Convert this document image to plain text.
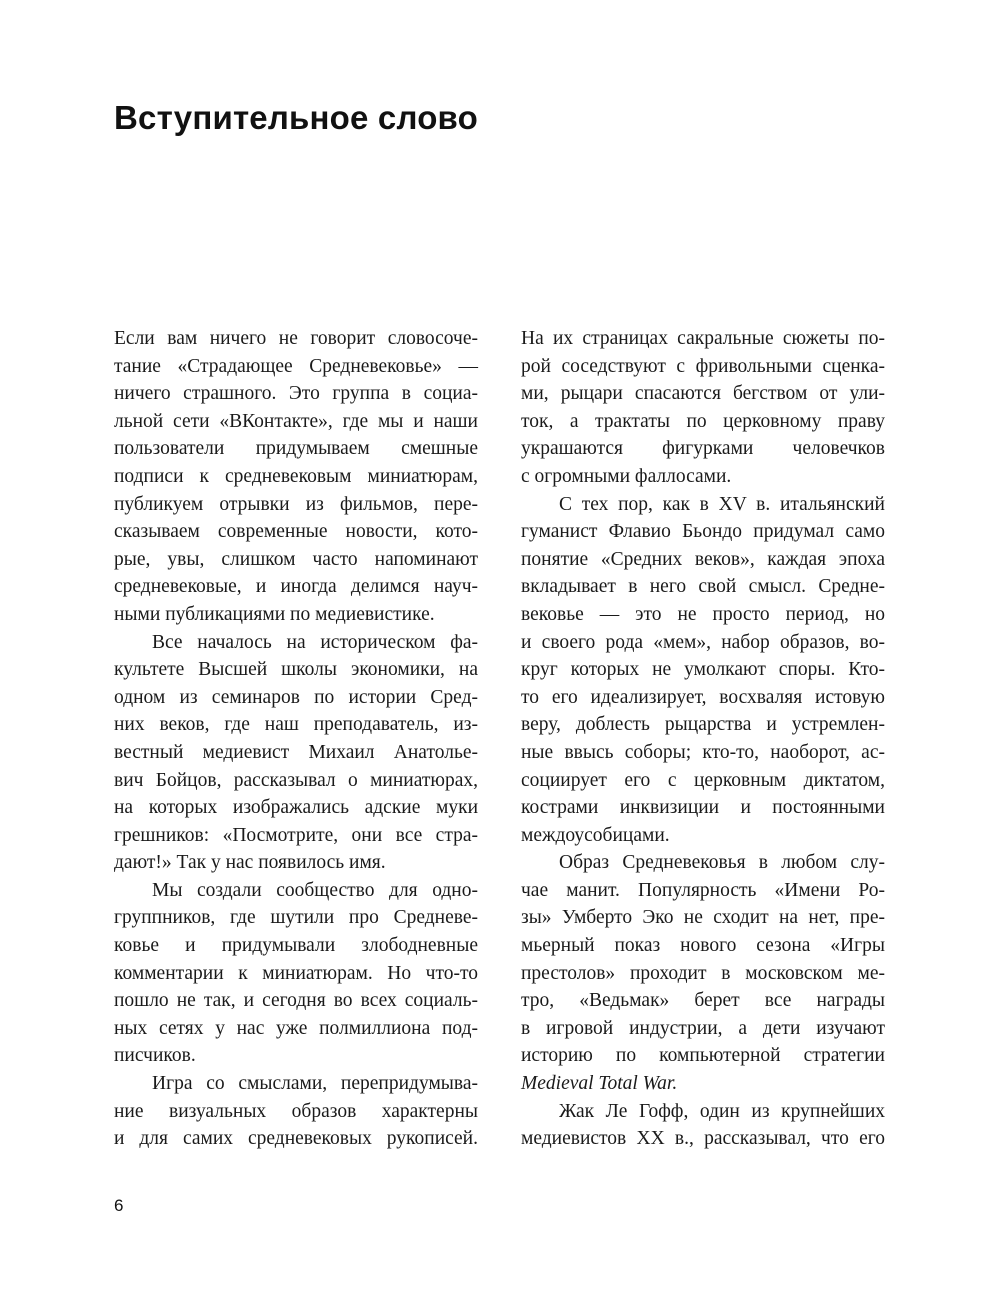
Вступительное слово
Если вам ничего не говорит словосоче-
тание «Страдающее Средневековье» —
ничего страшного. Это группа в социа-
льной сети «ВКонтакте», где мы и наши
пользователи придумываем смешные
подписи к средневековым миниатюрам,
публикуем отрывки из фильмов, пере-
сказываем современные новости, кото-
рые, увы, слишком часто напоминают
средневековые, и иногда делимся науч-
ными публикациями по медиевистике.
Все началось на историческом фа-
культете Высшей школы экономики, на
одном из семинаров по истории Сред-
них веков, где наш преподаватель, из-
вестный медиевист Михаил Анатолье-
вич Бойцов, рассказывал о миниатюрах,
на которых изображались адские муки
грешников: «Посмотрите, они все стра-
дают!» Так у нас появилось имя.
Мы создали сообщество для одно-
группников, где шутили про Средневе-
ковье и придумывали злободневные
комментарии к миниатюрам. Но что-то
пошло не так, и сегодня во всех социаль-
ных сетях у нас уже полмиллиона под-
писчиков.
Игра со смыслами, перепридумыва-
ние визуальных образов характерны
и для самих средневековых рукописей.
На их страницах сакральные сюжеты по-
рой соседствуют с фривольными сценка-
ми, рыцари спасаются бегством от ули-
ток, а трактаты по церковному праву
украшаются фигурками человечков
с огромными фаллосами.
С тех пор, как в XV в. итальянский
гуманист Флавио Бьондо придумал само
понятие «Средних веков», каждая эпоха
вкладывает в него свой смысл. Средне-
вековье — это не просто период, но
и своего рода «мем», набор образов, во-
круг которых не умолкают споры. Кто-
то его идеализирует, восхваляя истовую
веру, доблесть рыцарства и устремлен-
ные ввысь соборы; кто-то, наоборот, ас-
социирует его с церковным диктатом,
кострами инквизиции и постоянными
междоусобицами.
Образ Средневековья в любом слу-
чае манит. Популярность «Имени Ро-
зы» Умберто Эко не сходит на нет, пре-
мьерный показ нового сезона «Игры
престолов» проходит в московском ме-
тро, «Ведьмак» берет все награды
в игровой индустрии, а дети изучают
историю по компьютерной стратегии
Medieval Total War.
Жак Ле Гофф, один из крупнейших
медиевистов XX в., рассказывал, что его
6
